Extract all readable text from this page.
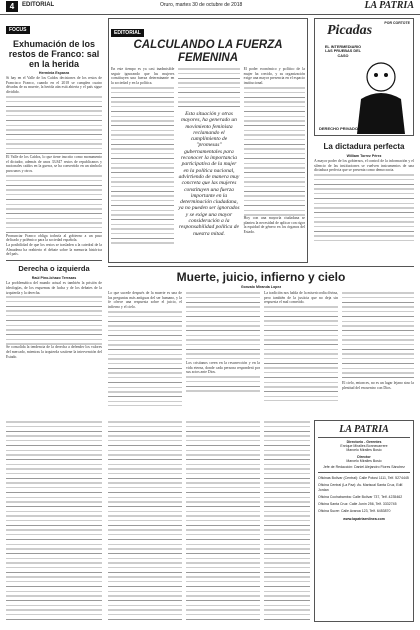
4	EDITORIAL	Oruro, martes 30 de octubre de 2018	LA PATRIA
FOCUS
Exhumación de los restos de Franco: sal en la herida
Herminia Esparza

Si hay en el Valle de los Caídos decisiones de los restos de Francisco Franco, cuando en el 2018 se cumplen cuatro décadas de su muerte, la herida aún está abierta y el país sigue dividido.

El Valle de los Caídos, lo que tiene inscrito como monumento el dictador, además de unos 33.847 restos de republicanos y nacionales caídos en la guerra, se ha convertido en un símbolo para unos y otros.

Pronunciar Franco obliga todavía al gobierno a un paso delicado y polémico para la sociedad española.

La posibilidad de que los restos se trasladen a la catedral de la Almudena ha reabierto el debate sobre la memoria histórica del país.

Derecha o izquierda
Raúl Pino-Ichazo Terrazas

La problemática del mundo actual es también la prisión de ideologías, de los esquemas de lucha y de los debates de la izquierda y la derecha.

Se consolida la tendencia de la derecha a defender los valores del mercado, mientras la izquierda sostiene la intervención del Estado.

EDITORIAL
CALCULANDO LA FUERZA FEMENINA

En este tiempo es ya casi inadmisible seguir ignorando que las mujeres constituyen una fuerza determinante en la sociedad y en la política.

Esta situación y otras mayores, ha generado un movimiento feminista reclamando el cumplimiento de "promesas" gubernamentales para reconocer la importancia participativa de la mujer en la política nacional, advirtiendo de manera muy concreta que las mujeres constituyen una fuerza importante en la determinación ciudadana, ya no pueden ser ignorados y se exige una mayor consideración a la responsabilidad política de nuestra mitad.

El poder económico y político de la mujer ha crecido, y su organización exige una mayor presencia en el espacio institucional.

Hoy con una mayoría ciudadana se plantea la necesidad de aplicar con rigor la equidad de género en los órganos del Estado.

Picadas	POR CORTOTE
EL INTERMEDIARIO LAS PRUEBAS DEL CASO
DERECHO PRIVADO
La dictadura perfecta
William Torrez Pérez

A mayor poder de los gobiernos, el control de la información y el silencio de las instituciones se vuelven instrumentos de una dictadura perfecta que se presenta como democracia.

Muerte, juicio, infierno y cielo
Gonzalo Miranda Lopez

Lo que sucede después de la muerte es una de las preguntas más antiguas del ser humano, y la fe ofrece una respuesta sobre el juicio, el infierno y el cielo.

Los cristianos creen en la resurrección y en la vida eterna, donde cada persona responderá por sus actos ante Dios.

La tradición nos habla de la misericordia divina, pero también de la justicia que no deja sin respuesta el mal cometido.

El cielo, entonces, no es un lugar lejano sino la plenitud del encuentro con Dios.

LA PATRIA
Directorio - Gerentes
Enrique Miralles Bonnecarrere
Marcelo Miralles Bosio
Director
Marcelo Miralles Bosio
Jefe de Redacción: Daniel Alejandro Flores Sánchez
Oficinas Bolívar (Central): Calle Potosí 1111, Telf. 5274445
Oficina Central (La Paz): Av. Mariscal Santa Cruz, Edif. Jordan
Oficina Cochabamba: Calle Bolívar 737, Telf. 4235462
Oficina Santa Cruz: Calle Junín 256, Telf. 3332745
Oficina Sucre: Calle Avaroa 123, Telf. 6453870
www.lapatriaenlinea.com
